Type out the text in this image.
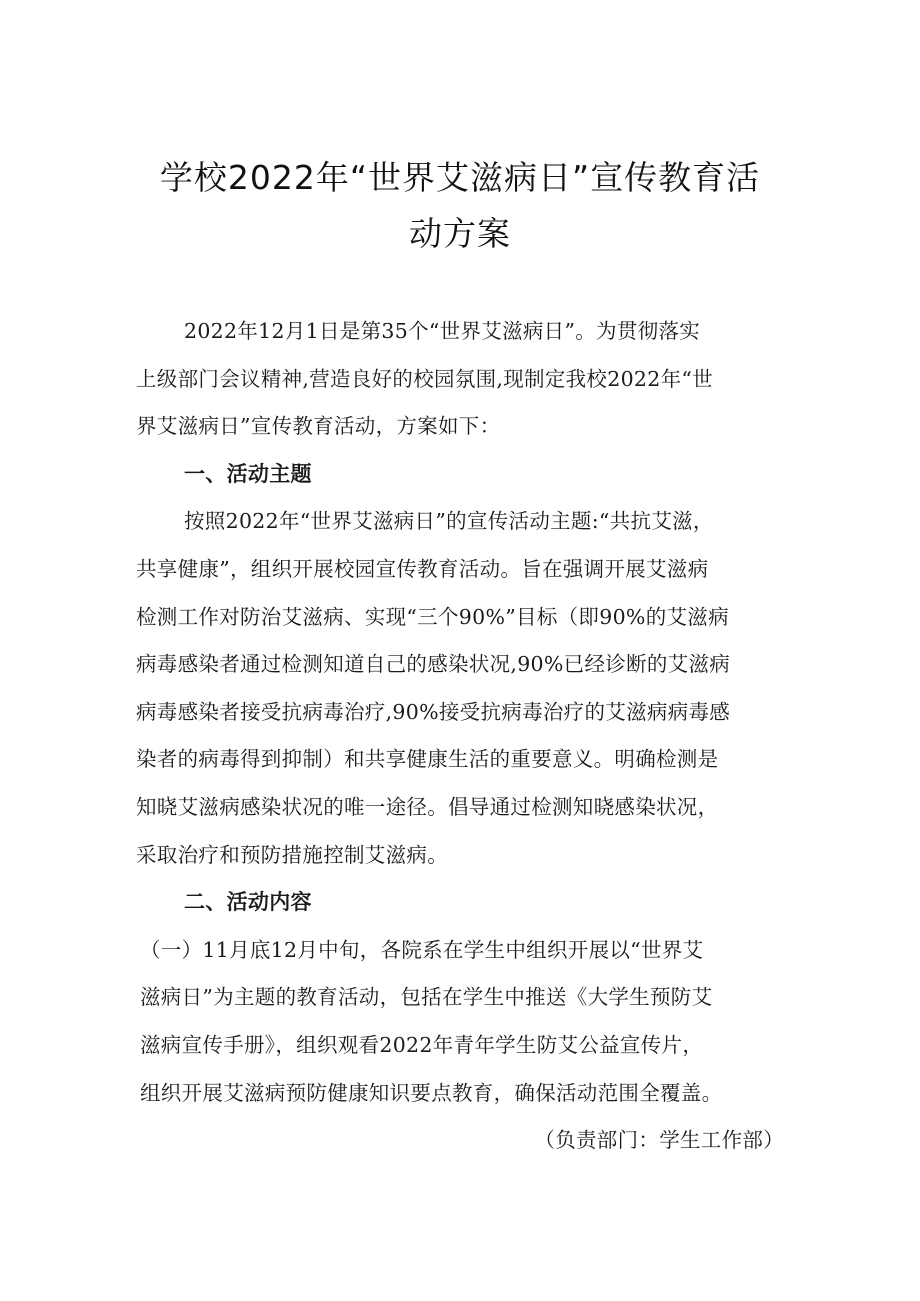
学校2022年“世界艾滋病日”宣传教育活
动方案
2022年12月1日是第35个“世界艾滋病日”。为贯彻落实
上级部门会议精神,营造良好的校园氛围,现制定我校2022年“世
界艾滋病日”宣传教育活动，方案如下：
一、活动主题
按照2022年“世界艾滋病日”的宣传活动主题:“共抗艾滋，
共享健康”，组织开展校园宣传教育活动。旨在强调开展艾滋病
检测工作对防治艾滋病、实现“三个90%”目标（即90%的艾滋病
病毒感染者通过检测知道自己的感染状况,90%已经诊断的艾滋病
病毒感染者接受抗病毒治疗,90%接受抗病毒治疗的艾滋病病毒感
染者的病毒得到抑制）和共享健康生活的重要意义。明确检测是
知晓艾滋病感染状况的唯一途径。倡导通过检测知晓感染状况，
采取治疗和预防措施控制艾滋病。
二、活动内容
（一）11月底12月中旬，各院系在学生中组织开展以“世界艾
滋病日”为主题的教育活动，包括在学生中推送《大学生预防艾
滋病宣传手册》，组织观看2022年青年学生防艾公益宣传片，
组织开展艾滋病预防健康知识要点教育，确保活动范围全覆盖。
（负责部门：学生工作部）
